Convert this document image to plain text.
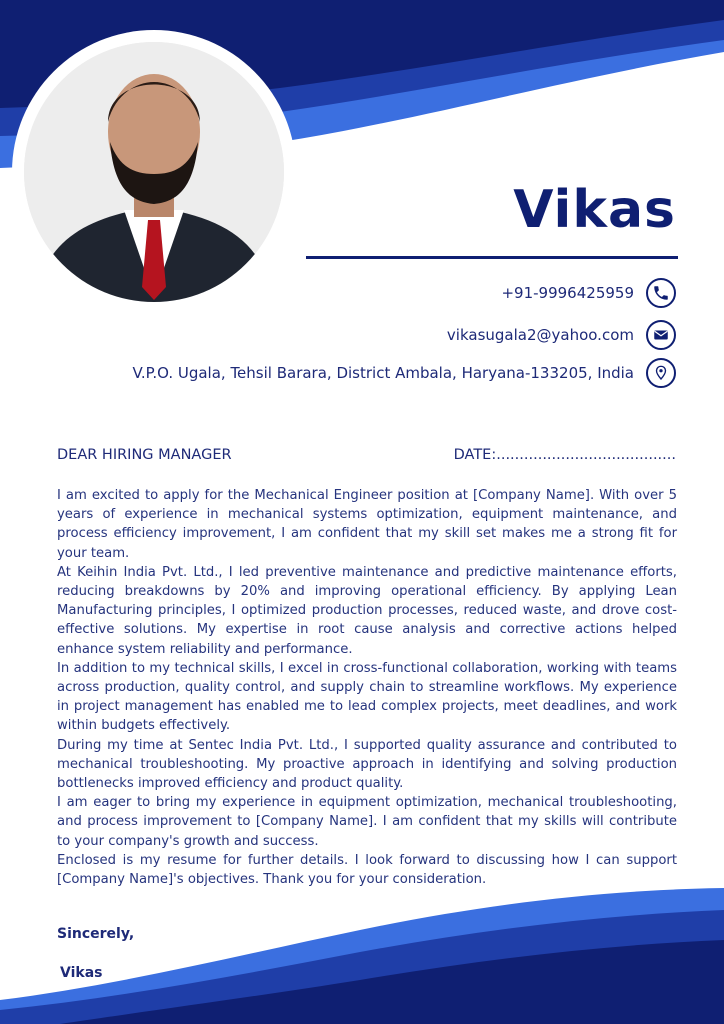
Vikas
+91-9996425959
vikasugala2@yahoo.com
V.P.O. Ugala, Tehsil Barara, District Ambala, Haryana-133205, India
DEAR HIRING MANAGER	DATE:.......................................

I am excited to apply for the Mechanical Engineer position at [Company Name]. With over 5 years of experience in mechanical systems optimization, equipment maintenance, and process efficiency improvement, I am confident that my skill set makes me a strong fit for your team.

At Keihin India Pvt. Ltd., I led preventive maintenance and predictive maintenance efforts, reducing breakdowns by 20% and improving operational efficiency. By applying Lean Manufacturing principles, I optimized production processes, reduced waste, and drove cost-effective solutions. My expertise in root cause analysis and corrective actions helped enhance system reliability and performance.

In addition to my technical skills, I excel in cross-functional collaboration, working with teams across production, quality control, and supply chain to streamline workflows. My experience in project management has enabled me to lead complex projects, meet deadlines, and work within budgets effectively.

During my time at Sentec India Pvt. Ltd., I supported quality assurance and contributed to mechanical troubleshooting. My proactive approach in identifying and solving production bottlenecks improved efficiency and product quality.

I am eager to bring my experience in equipment optimization, mechanical troubleshooting, and process improvement to [Company Name]. I am confident that my skills will contribute to your company's growth and success.

Enclosed is my resume for further details. I look forward to discussing how I can support [Company Name]'s objectives. Thank you for your consideration.

Sincerely,
Vikas
